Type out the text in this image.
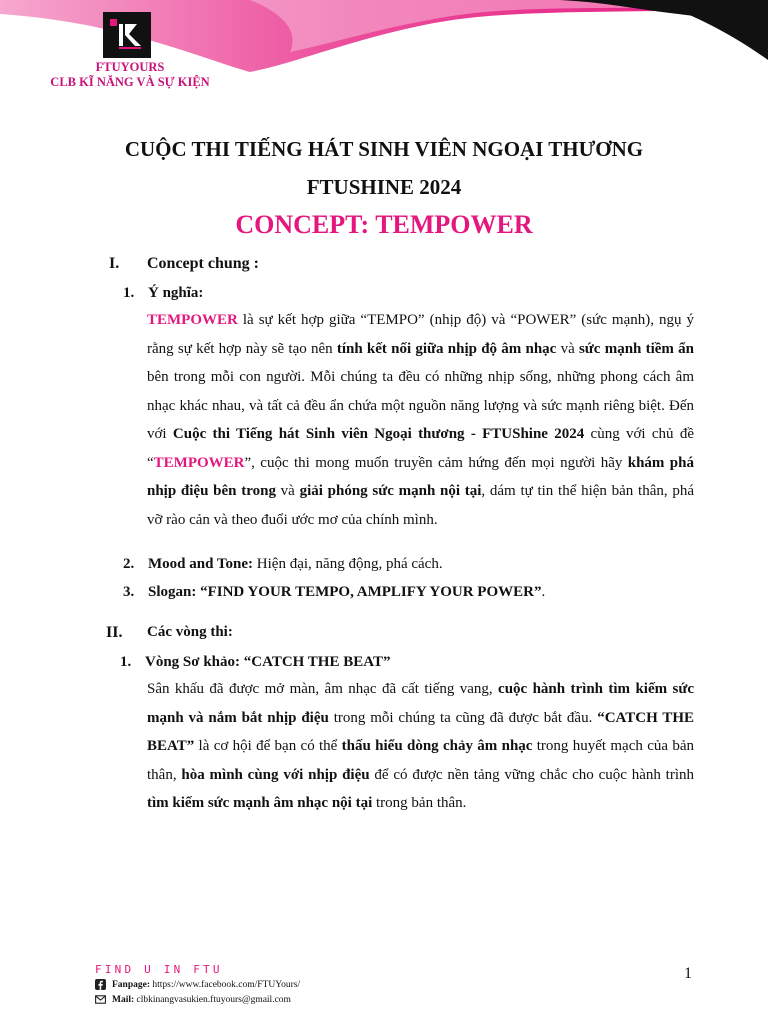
FTUYOURS
CLB KĨ NĂNG VÀ SỰ KIỆN
CUỘC THI TIẾNG HÁT SINH VIÊN NGOẠI THƯƠNG
FTUSHINE 2024
CONCEPT: TEMPOWER
I. Concept chung :
1. Ý nghĩa:
TEMPOWER là sự kết hợp giữa “TEMPO” (nhịp độ) và “POWER” (sức mạnh), ngụ ý rằng sự kết hợp này sẽ tạo nên tính kết nối giữa nhịp độ âm nhạc và sức mạnh tiềm ẩn bên trong mỗi con người. Mỗi chúng ta đều có những nhịp sống, những phong cách âm nhạc khác nhau, và tất cả đều ẩn chứa một nguồn năng lượng và sức mạnh riêng biệt. Đến với Cuộc thi Tiếng hát Sinh viên Ngoại thương - FTUShine 2024 cùng với chủ đề “TEMPOWER”, cuộc thi mong muốn truyền cảm hứng đến mọi người hãy khám phá nhịp điệu bên trong và giải phóng sức mạnh nội tại, dám tự tin thể hiện bản thân, phá vỡ rào cản và theo đuổi ước mơ của chính mình.
2. Mood and Tone: Hiện đại, năng động, phá cách.
3. Slogan: “FIND YOUR TEMPO, AMPLIFY YOUR POWER”.
II. Các vòng thi:
1. Vòng Sơ khảo: “CATCH THE BEAT”
Sân khấu đã được mở màn, âm nhạc đã cất tiếng vang, cuộc hành trình tìm kiếm sức mạnh và nắm bắt nhịp điệu trong mỗi chúng ta cũng đã được bắt đầu. “CATCH THE BEAT” là cơ hội để bạn có thể thấu hiểu dòng chảy âm nhạc trong huyết mạch của bản thân, hòa mình cùng với nhịp điệu để có được nền tảng vững chắc cho cuộc hành trình tìm kiếm sức mạnh âm nhạc nội tại trong bản thân.
FIND U IN FTU
Fanpage: https://www.facebook.com/FTUYours/
Mail: clbkinangvasukien.ftuyours@gmail.com
1
